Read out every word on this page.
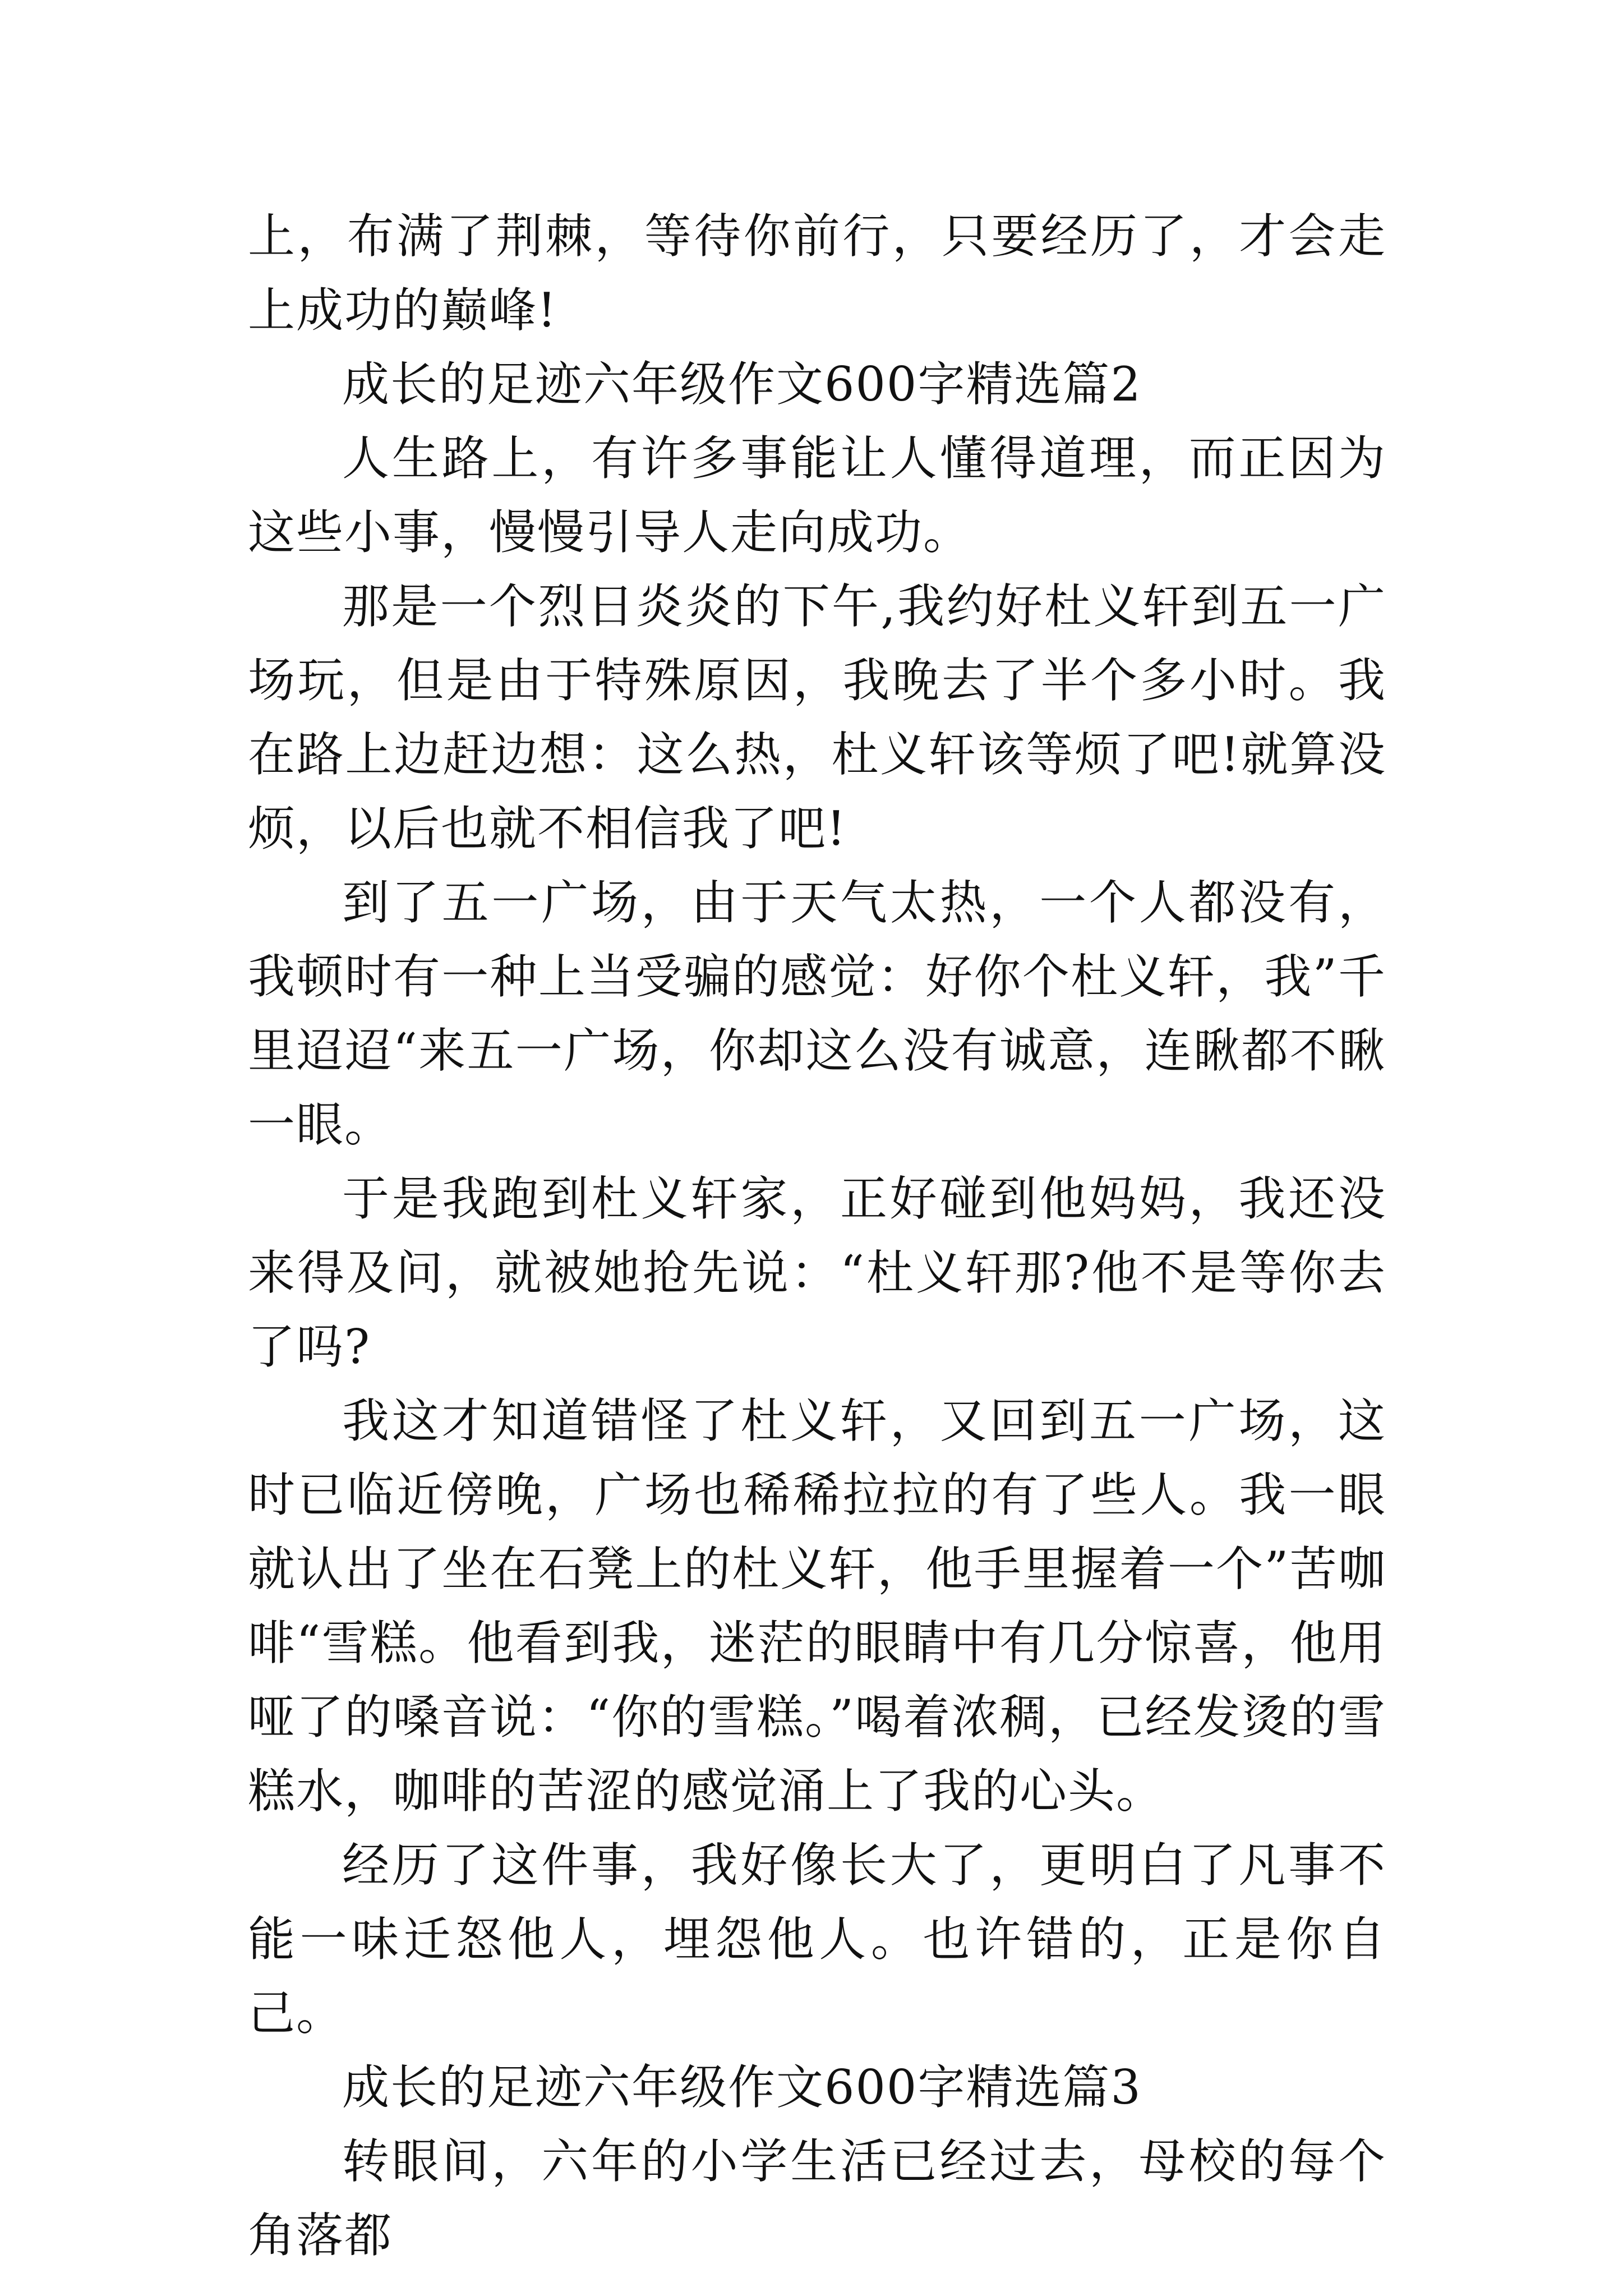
上，布满了荆棘，等待你前行，只要经历了，才会走上成功的巅峰!

成长的足迹六年级作文600字精选篇2

人生路上，有许多事能让人懂得道理，而正因为这些小事，慢慢引导人走向成功。

那是一个烈日炎炎的下午,我约好杜义轩到五一广场玩，但是由于特殊原因，我晚去了半个多小时。我在路上边赶边想：这么热，杜义轩该等烦了吧!就算没烦，以后也就不相信我了吧!

到了五一广场，由于天气太热，一个人都没有，我顿时有一种上当受骗的感觉：好你个杜义轩，我”千里迢迢“来五一广场，你却这么没有诚意，连瞅都不瞅一眼。

于是我跑到杜义轩家，正好碰到他妈妈，我还没来得及问，就被她抢先说：“杜义轩那?他不是等你去了吗?

我这才知道错怪了杜义轩，又回到五一广场，这时已临近傍晚，广场也稀稀拉拉的有了些人。我一眼就认出了坐在石凳上的杜义轩，他手里握着一个”苦咖啡“雪糕。他看到我，迷茫的眼睛中有几分惊喜，他用哑了的嗓音说：“你的雪糕。”喝着浓稠，已经发烫的雪糕水，咖啡的苦涩的感觉涌上了我的心头。

经历了这件事，我好像长大了，更明白了凡事不能一味迁怒他人，埋怨他人。也许错的，正是你自己。

成长的足迹六年级作文600字精选篇3

转眼间，六年的小学生活已经过去，母校的每个角落都
